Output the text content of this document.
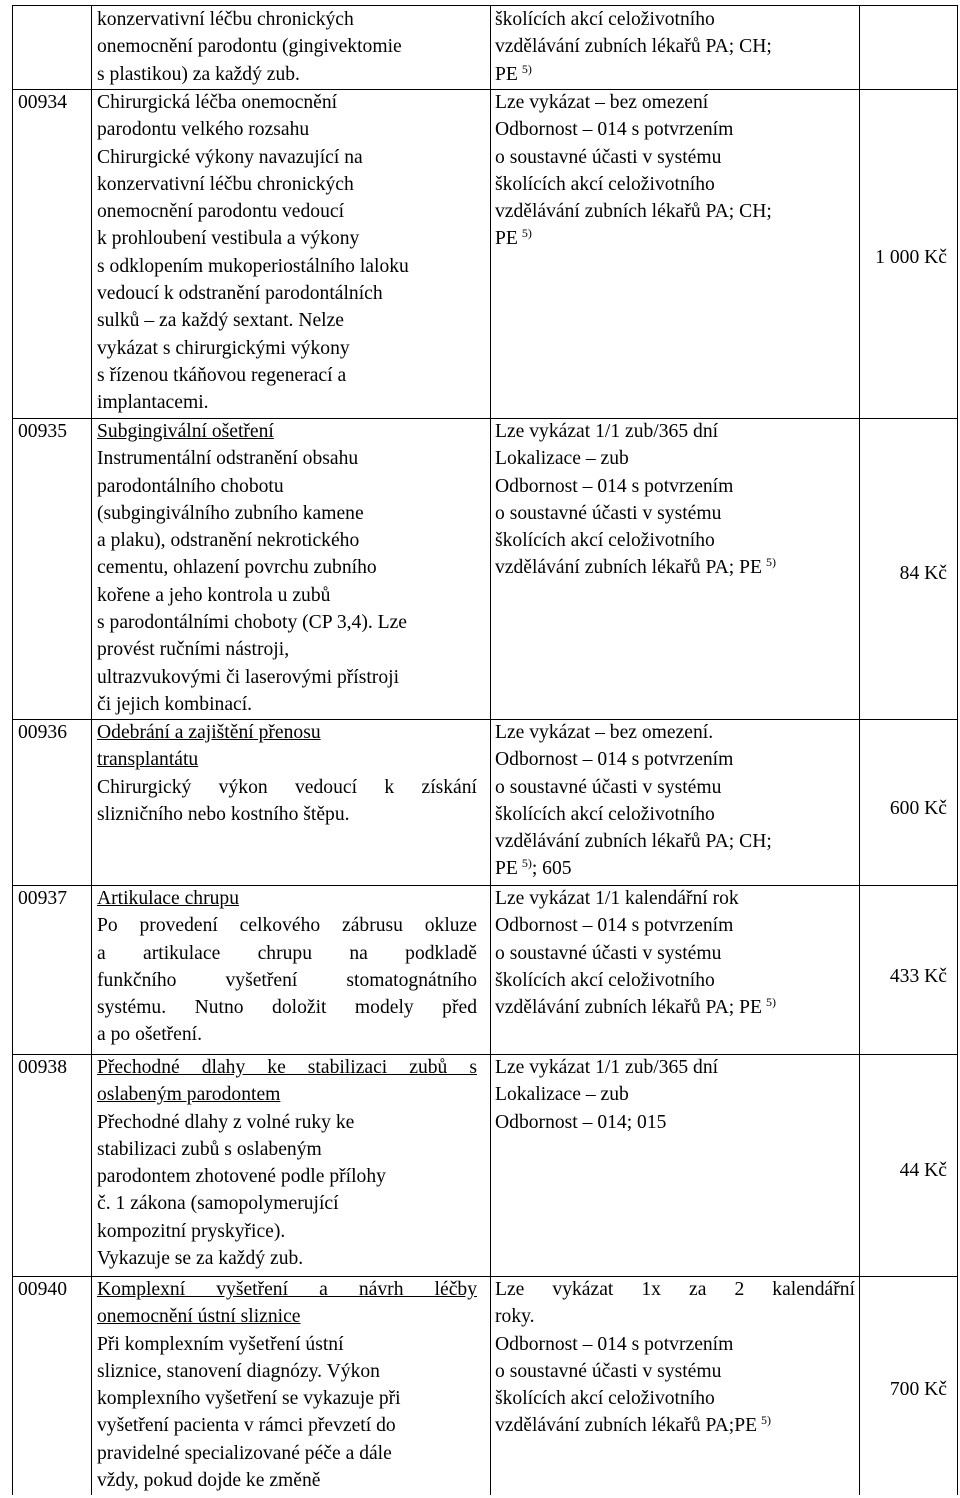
konzervativní léčbu chronických
onemocnění parodontu (gingivektomie
s plastikou) za každý zub.
školících akcí celoživotního
vzdělávání zubních lékařů PA; CH;
PE  $^{5)}$
00934 Chirurgická léčba onemocnění
parodontu velkého rozsahu
Chirurgické výkony navazující na
konzervativní léčbu chronických
onemocnění parodontu vedoucí
k prohloubení vestibula a výkony
s odklopením mukoperiostálního laloku
vedoucí k odstranění parodontálních
sulků – za každý sextant. Nelze
vykázat s chirurgickými výkony
s řízenou tkáňovou regenerací a
implantacemi.
Lze vykázat – bez omezení
Odbornost – 014 s potvrzením
o soustavné účasti v systému
školících akcí celoživotního
vzdělávání zubních lékařů PA; CH;
PE  $^{5)}$
1 000 Kč
00935 Subgingivální ošetření
Instrumentální odstranění obsahu
parodontálního chobotu
(subgingiválního zubního kamene
a plaku), odstranění nekrotického
cementu, ohlazení povrchu zubního
kořene a jeho kontrola u zubů
s parodontálními choboty (CP 3,4). Lze
provést ručními nástroji,
ultrazvukovými či laserovými přístroji
či jejich kombinací.
Lze vykázat 1/1 zub/365 dní
Lokalizace – zub
Odbornost – 014 s potvrzením
o soustavné účasti v systému
školících akcí celoživotního
vzdělávání zubních lékařů PA; PE  $^{5)}$
84 Kč
00936 Odebrání a zajištění přenosu
transplantátu
Chirurgický výkon vedoucí k získání
slizničního nebo kostního štěpu.
Lze vykázat – bez omezení.
Odbornost – 014 s potvrzením
o soustavné účasti v systému
školících akcí celoživotního
vzdělávání zubních lékařů PA; CH;
PE  $^{5)}$; 605
600 Kč
00937 Artikulace chrupu
Po provedení celkového zábrusu okluze
a artikulace chrupu na podkladě
funkčního vyšetření stomatognátního
systému. Nutno doložit modely před
a po ošetření.
Lze vykázat 1/1 kalendářní rok
Odbornost – 014 s potvrzením
o soustavné účasti v systému
školících akcí celoživotního
vzdělávání zubních lékařů PA; PE  $^{5)}$
433 Kč
00938 Přechodné dlahy ke stabilizaci zubů s
oslabeným parodontem
Přechodné dlahy z volné ruky ke
stabilizaci zubů s oslabeným
parodontem zhotovené podle přílohy
č. 1 zákona (samopolymerující
kompozitní pryskyřice).
Vykazuje se za každý zub.
Lze vykázat 1/1 zub/365 dní
Lokalizace – zub
Odbornost – 014; 015
44 Kč
00940 Komplexní vyšetření a návrh léčby
onemocnění ústní sliznice
Při komplexním vyšetření ústní
sliznice, stanovení diagnózy. Výkon
komplexního vyšetření se vykazuje při
vyšetření pacienta v rámci převzetí do
pravidelné specializované péče a dále
vždy, pokud dojde ke změně
Lze vykázat 1x za 2 kalendářní
roky.
Odbornost – 014 s potvrzením
o soustavné účasti v systému
školících akcí celoživotního
vzdělávání zubních lékařů PA;PE  $^{5)}$
700 Kč
